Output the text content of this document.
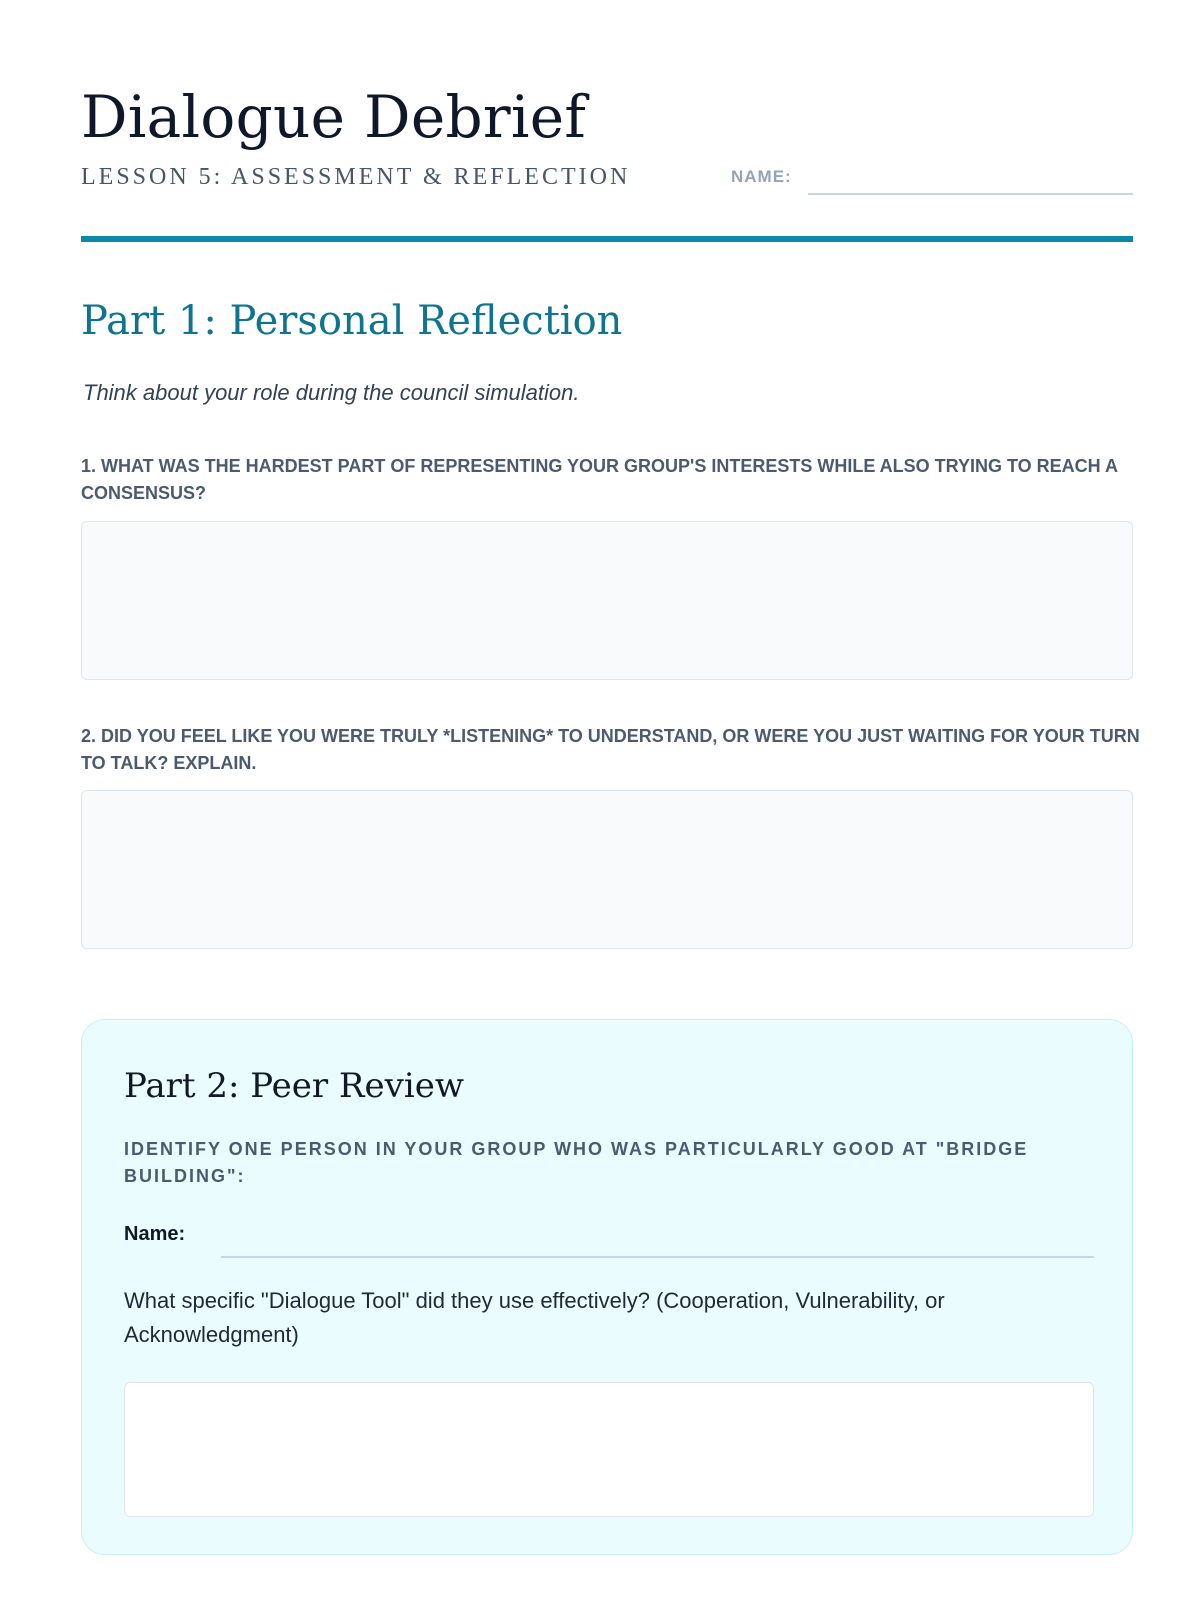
Dialogue Debrief
LESSON 5: ASSESSMENT & REFLECTION	NAME:
Part 1: Personal Reflection
Think about your role during the council simulation.

1. WHAT WAS THE HARDEST PART OF REPRESENTING YOUR GROUP'S INTERESTS WHILE ALSO TRYING TO REACH A CONSENSUS?

2. DID YOU FEEL LIKE YOU WERE TRULY *LISTENING* TO UNDERSTAND, OR WERE YOU JUST WAITING FOR YOUR TURN TO TALK? EXPLAIN.

Part 2: Peer Review

IDENTIFY ONE PERSON IN YOUR GROUP WHO WAS PARTICULARLY GOOD AT "BRIDGE BUILDING":

Name:

What specific "Dialogue Tool" did they use effectively? (Cooperation, Vulnerability, or Acknowledgment)
